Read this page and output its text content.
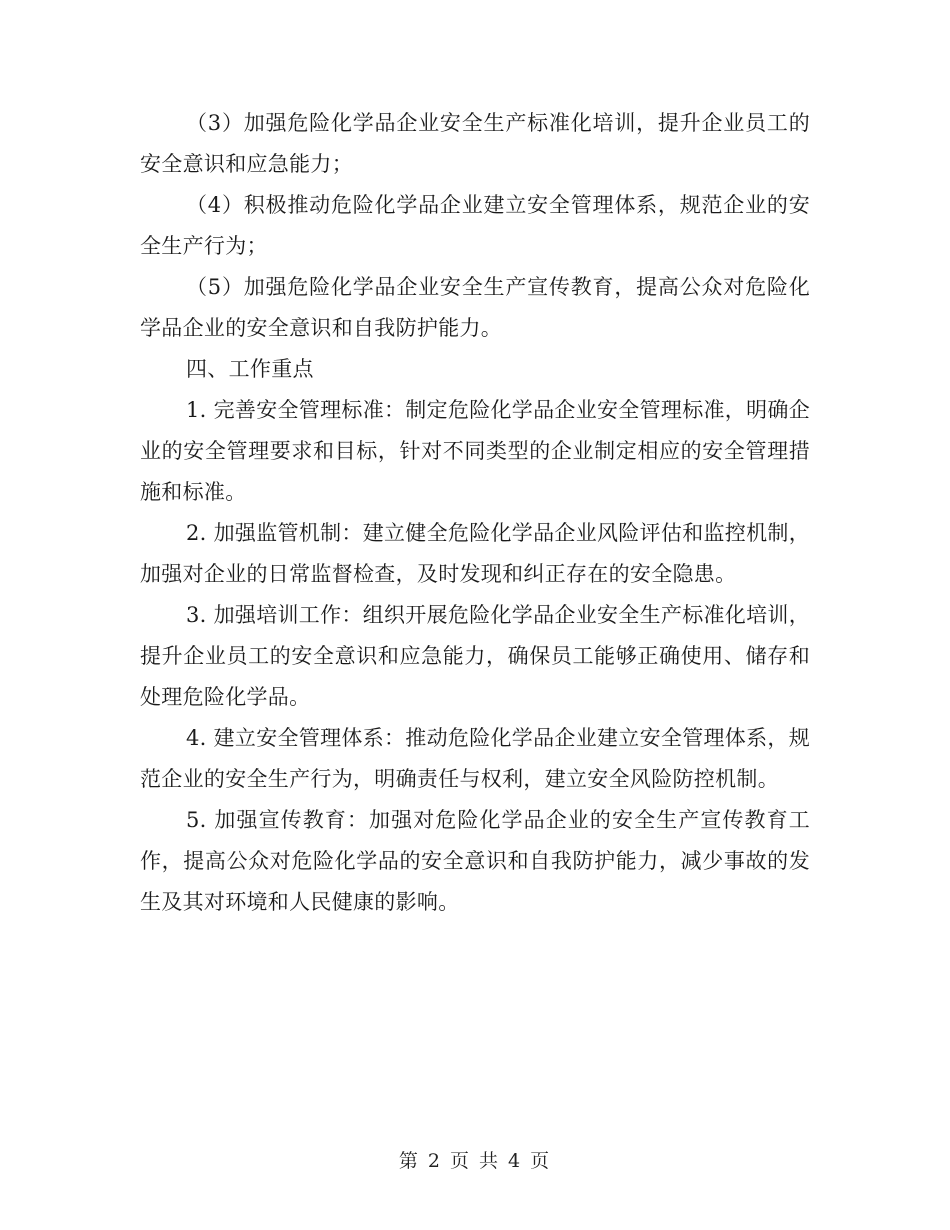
（3）加强危险化学品企业安全生产标准化培训，提升企业员工的安全意识和应急能力；

（4）积极推动危险化学品企业建立安全管理体系，规范企业的安全生产行为；

（5）加强危险化学品企业安全生产宣传教育，提高公众对危险化学品企业的安全意识和自我防护能力。

四、工作重点

1. 完善安全管理标准：制定危险化学品企业安全管理标准，明确企业的安全管理要求和目标，针对不同类型的企业制定相应的安全管理措施和标准。

2. 加强监管机制：建立健全危险化学品企业风险评估和监控机制，加强对企业的日常监督检查，及时发现和纠正存在的安全隐患。

3. 加强培训工作：组织开展危险化学品企业安全生产标准化培训，提升企业员工的安全意识和应急能力，确保员工能够正确使用、储存和处理危险化学品。

4. 建立安全管理体系：推动危险化学品企业建立安全管理体系，规范企业的安全生产行为，明确责任与权利，建立安全风险防控机制。

5. 加强宣传教育：加强对危险化学品企业的安全生产宣传教育工作，提高公众对危险化学品的安全意识和自我防护能力，减少事故的发生及其对环境和人民健康的影响。

第 2 页 共 4 页
